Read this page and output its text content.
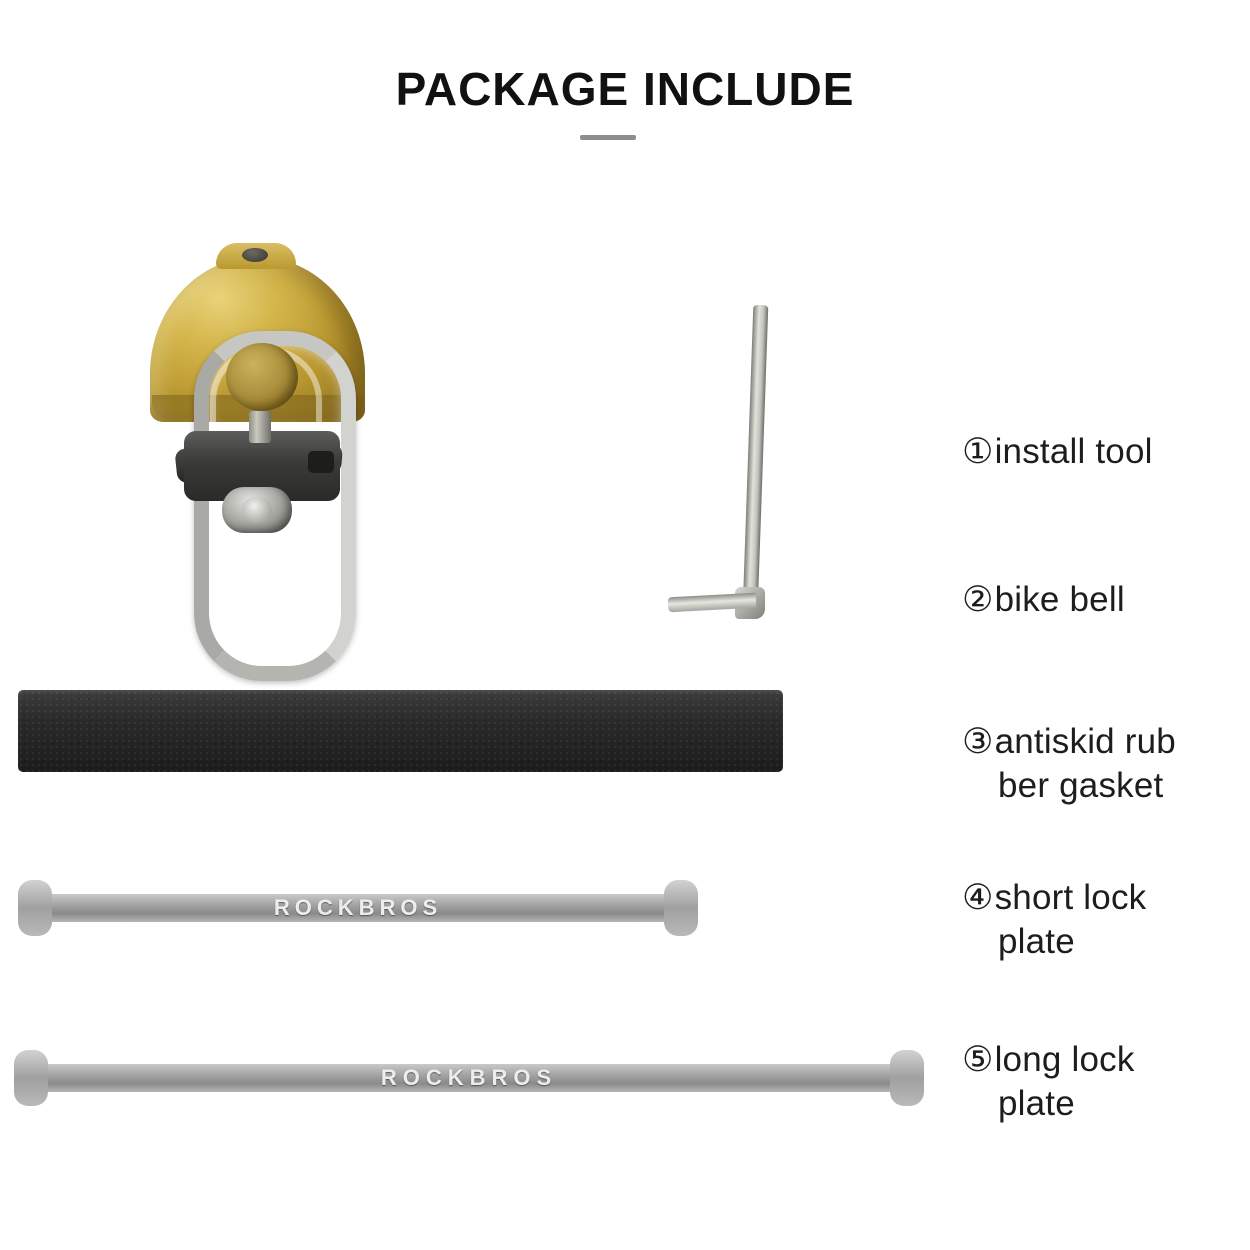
PACKAGE INCLUDE
ROCKBROS
ROCKBROS
①install tool
②bike bell
③antiskid rub
ber gasket
④short lock
plate
⑤long lock
plate
